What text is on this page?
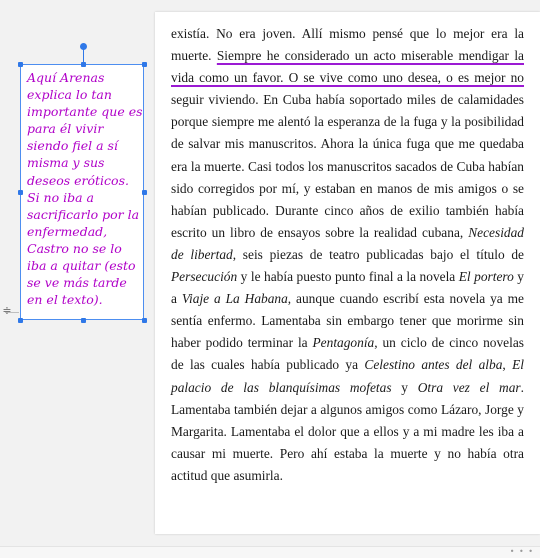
existía. No era joven. Allí mismo pensé que lo mejor era la muerte. Siempre he considerado un acto miserable mendigar la vida como un favor. O se vive como uno desea, o es mejor no seguir viviendo. En Cuba había soportado miles de calamidades porque siempre me alentó la esperanza de la fuga y la posibilidad de salvar mis manuscritos. Ahora la única fuga que me quedaba era la muerte. Casi todos los manuscritos sacados de Cuba habían sido corregidos por mí, y estaban en manos de mis amigos o se habían publicado. Durante cinco años de exilio también había escrito un libro de ensayos sobre la realidad cubana, Necesidad de libertad, seis piezas de teatro publicadas bajo el título de Persecución y le había puesto punto final a la novela El portero y a Viaje a La Habana, aunque cuando escribí esta novela ya me sentía enfermo. Lamentaba sin embargo tener que morirme sin haber podido terminar la Pentagonía, un ciclo de cinco novelas de las cuales había publicado ya Celestino antes del alba, El palacio de las blanquísimas mofetas y Otra vez el mar. Lamentaba también dejar a algunos amigos como Lázaro, Jorge y Margarita. Lamentaba el dolor que a ellos y a mi madre les iba a causar mi muerte. Pero ahí estaba la muerte y no había otra actitud que asumirla.

≑
Aquí Arenas explica lo tan importante que es para él vivir siendo fiel a sí misma y sus deseos eróticos. Si no iba a sacrificarlo por la enfermedad, Castro no se lo iba a quitar (esto se ve más tarde en el texto).
• • •
